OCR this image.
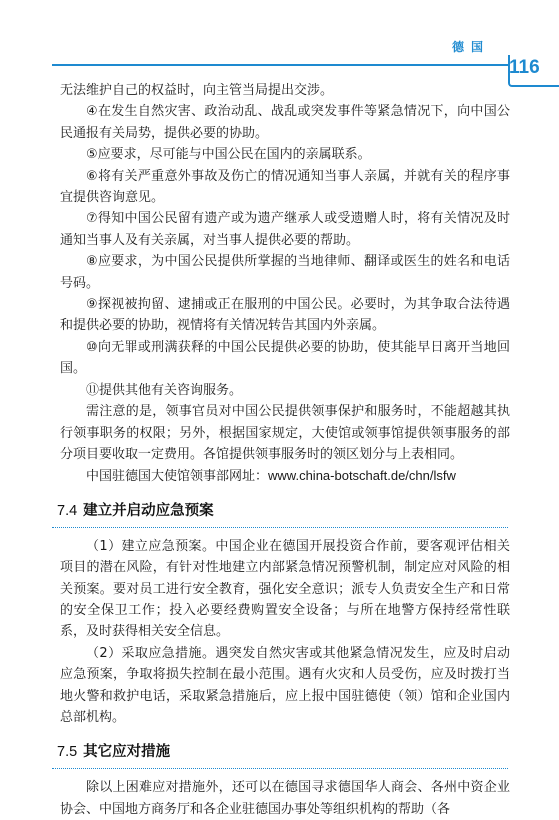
德国
116

无法维护自己的权益时，向主管当局提出交涉。

④在发生自然灾害、政治动乱、战乱或突发事件等紧急情况下，向中国公民通报有关局势，提供必要的协助。

⑤应要求，尽可能与中国公民在国内的亲属联系。

⑥将有关严重意外事故及伤亡的情况通知当事人亲属，并就有关的程序事宜提供咨询意见。

⑦得知中国公民留有遗产或为遗产继承人或受遗赠人时，将有关情况及时通知当事人及有关亲属，对当事人提供必要的帮助。

⑧应要求，为中国公民提供所掌握的当地律师、翻译或医生的姓名和电话号码。

⑨探视被拘留、逮捕或正在服刑的中国公民。必要时，为其争取合法待遇和提供必要的协助，视情将有关情况转告其国内外亲属。

⑩向无罪或刑满获释的中国公民提供必要的协助，使其能早日离开当地回国。

⑪提供其他有关咨询服务。

需注意的是，领事官员对中国公民提供领事保护和服务时，不能超越其执行领事职务的权限；另外，根据国家规定，大使馆或领事馆提供领事服务的部分项目要收取一定费用。各馆提供领事服务时的领区划分与上表相同。

中国驻德国大使馆领事部网址：www.china-botschaft.de/chn/lsfw

7.4 建立并启动应急预案

（1）建立应急预案。中国企业在德国开展投资合作前，要客观评估相关项目的潜在风险，有针对性地建立内部紧急情况预警机制，制定应对风险的相关预案。要对员工进行安全教育，强化安全意识；派专人负责安全生产和日常的安全保卫工作；投入必要经费购置安全设备；与所在地警方保持经常性联系，及时获得相关安全信息。

（2）采取应急措施。遇突发自然灾害或其他紧急情况发生，应及时启动应急预案，争取将损失控制在最小范围。遇有火灾和人员受伤，应及时拨打当地火警和救护电话，采取紧急措施后，应上报中国驻德使（领）馆和企业国内总部机构。

7.5 其它应对措施

除以上困难应对措施外，还可以在德国寻求德国华人商会、各州中资企业协会、中国地方商务厅和各企业驻德国办事处等组织机构的帮助（各
